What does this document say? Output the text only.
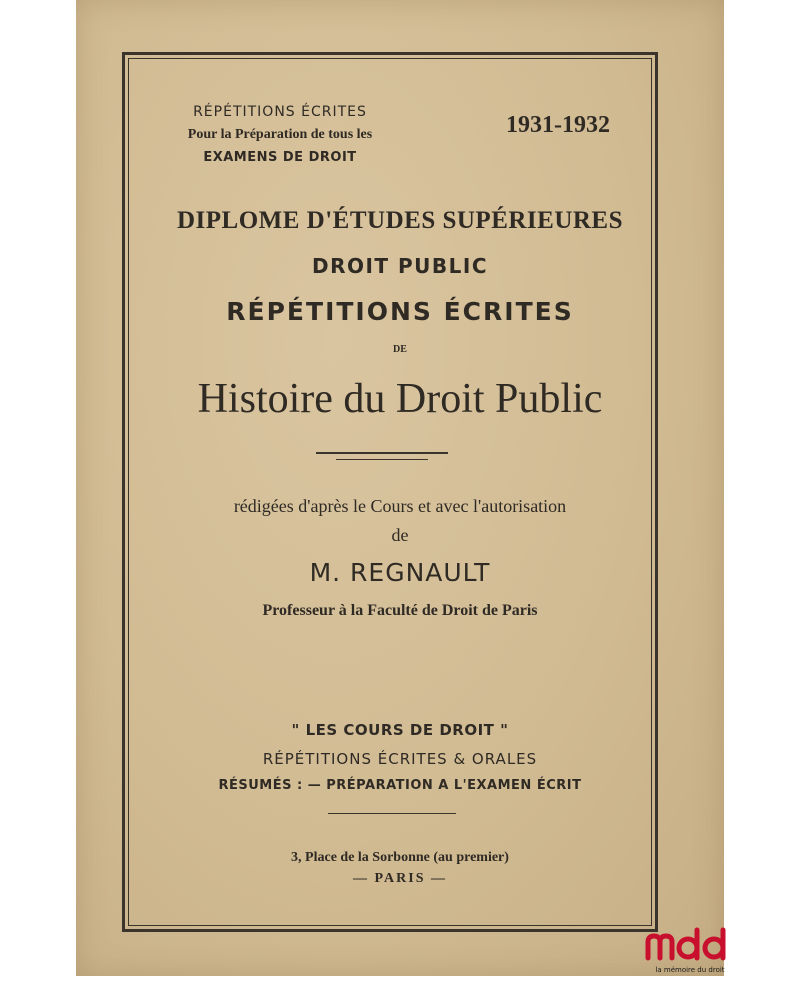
RÉPÉTITIONS ÉCRITES
Pour la Préparation de tous les
EXAMENS DE DROIT
1931-1932
DIPLOME D'ÉTUDES SUPÉRIEURES
DROIT PUBLIC
RÉPÉTITIONS ÉCRITES
DE
Histoire du Droit Public
rédigées d'après le Cours et avec l'autorisation
de
M. REGNAULT
Professeur à la Faculté de Droit de Paris
" LES COURS DE DROIT "
RÉPÉTITIONS ÉCRITES & ORALES
RÉSUMÉS : — PRÉPARATION A L'EXAMEN ÉCRIT
3, Place de la Sorbonne (au premier)
— PARIS —
la mémoire du droit
